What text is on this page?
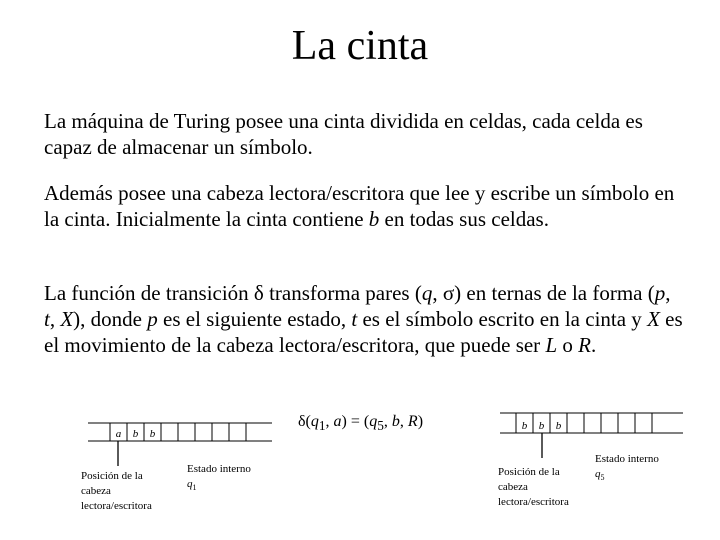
La cinta
La máquina de Turing posee una cinta dividida en celdas, cada celda es capaz de almacenar un símbolo.
Además posee una cabeza lectora/escritora que lee y escribe un símbolo en la cinta. Inicialmente la cinta contiene b en todas sus celdas.
La función de transición δ transforma pares (q, σ) en ternas de la forma (p, t, X), donde p es el siguiente estado, t es el símbolo escrito en la cinta y X es el movimiento de la cabeza lectora/escritora, que puede ser L o R.
$\delta(q_1$, $a) = (q_5$, b, R)
a b b
b b b
Posición de la
cabeza
lectora/escritora
Estado interno
$q_1$
Posición de la
cabeza
lectora/escritora
Estado interno
$q_5$
